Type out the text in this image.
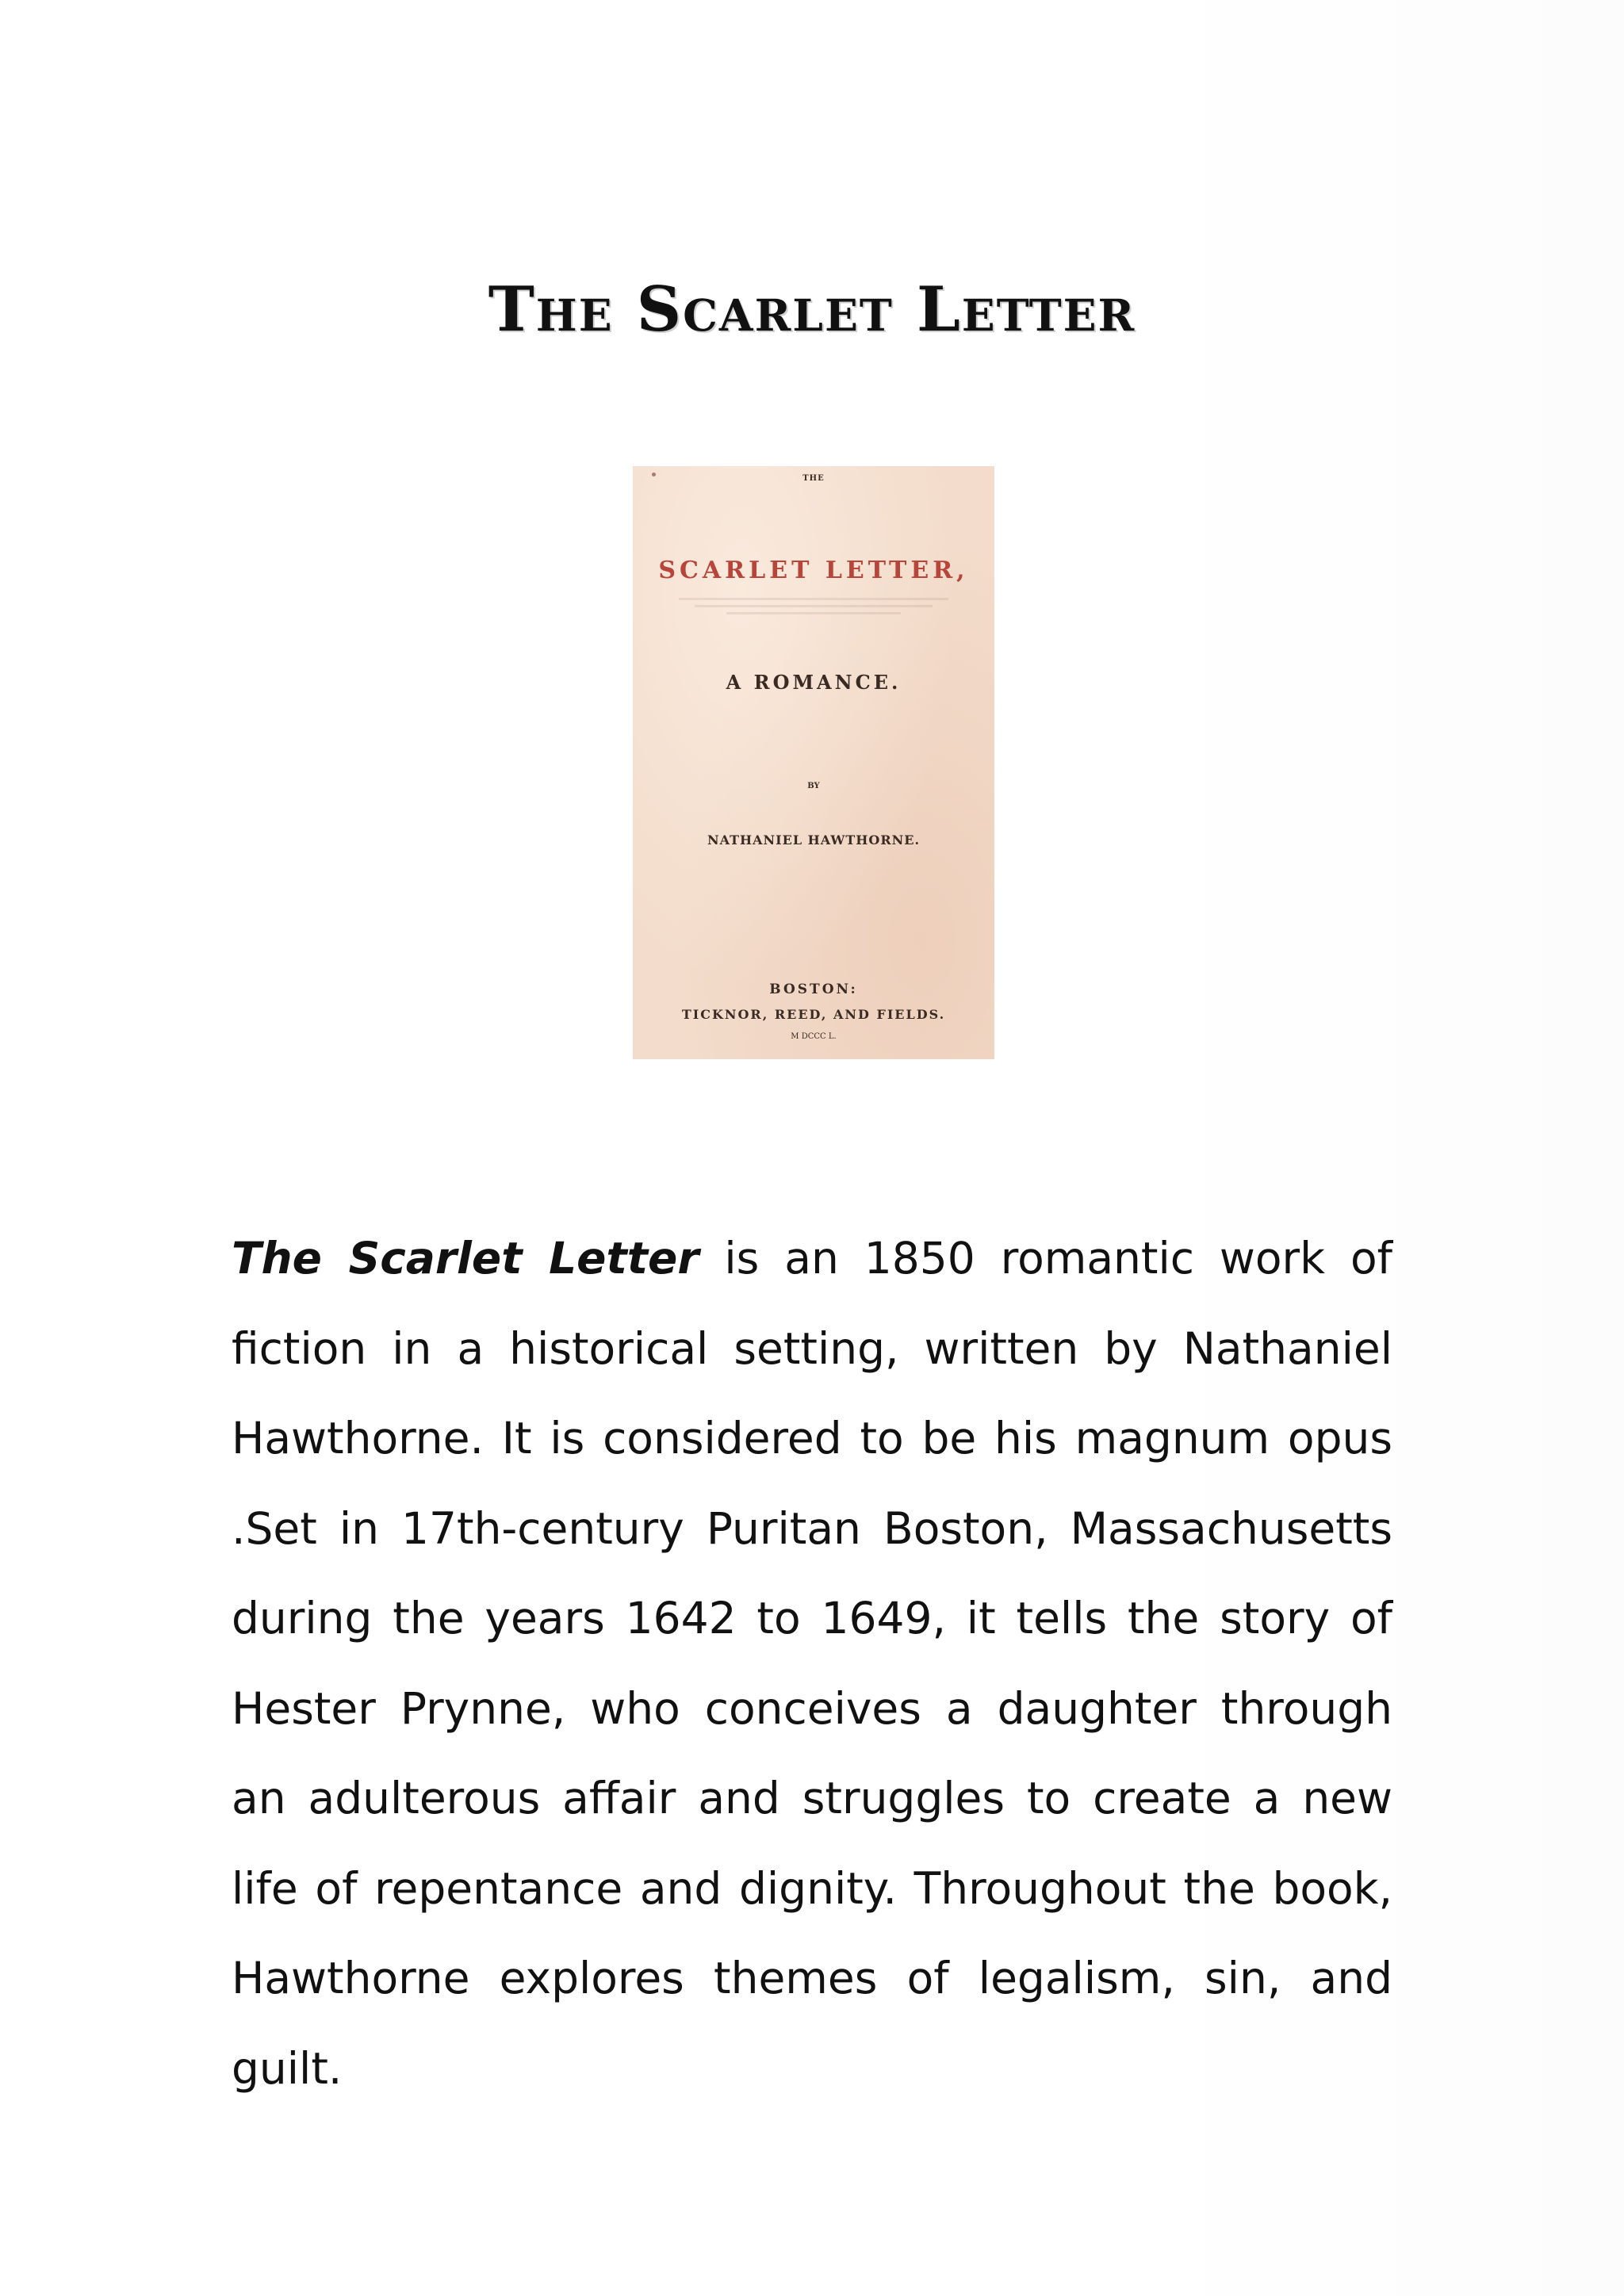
The Scarlet Letter
THE
SCARLET LETTER,
A ROMANCE.
BY
NATHANIEL HAWTHORNE.
BOSTON:
TICKNOR, REED, AND FIELDS.
M DCCC L.

The Scarlet Letter is an 1850 romantic work of fiction in a historical setting, written by Nathaniel Hawthorne. It is considered to be his magnum opus .Set in 17th-century Puritan Boston, Massachusetts during the years 1642 to 1649, it tells the story of Hester Prynne, who conceives a daughter through an adulterous affair and struggles to create a new life of repentance and dignity. Throughout the book, Hawthorne explores themes of legalism, sin, and guilt.
